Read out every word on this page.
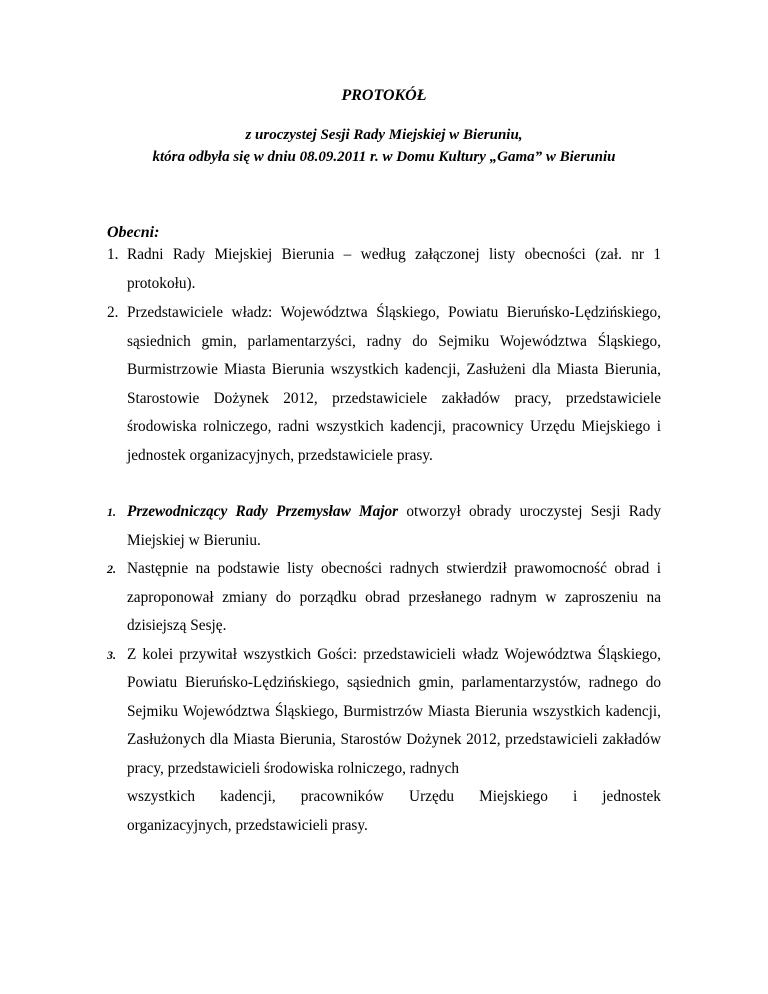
PROTOKÓŁ
z uroczystej Sesji Rady Miejskiej w Bieruniu,
która odbyła się w dniu 08.09.2011 r. w Domu Kultury „Gama” w Bieruniu
Obecni:
1. Radni Rady Miejskiej Bierunia – według załączonej listy obecności (zał. nr 1 protokołu).
2. Przedstawiciele władz: Województwa Śląskiego, Powiatu Bieruńsko-Lędzińskiego, sąsiednich gmin, parlamentarzyści, radny do Sejmiku Województwa Śląskiego, Burmistrzowie Miasta Bierunia wszystkich kadencji, Zasłużeni dla Miasta Bierunia, Starostowie Dożynek 2012, przedstawiciele zakładów pracy, przedstawiciele środowiska rolniczego, radni wszystkich kadencji, pracownicy Urzędu Miejskiego i jednostek organizacyjnych, przedstawiciele prasy.
1. Przewodniczący Rady Przemysław Major otworzył obrady uroczystej Sesji Rady Miejskiej w Bieruniu.
2. Następnie na podstawie listy obecności radnych stwierdził prawomocność obrad i zaproponował zmiany do porządku obrad przesłanego radnym w zaproszeniu na dzisiejszą Sesję.
3. Z kolei przywitał wszystkich Gości: przedstawicieli władz Województwa Śląskiego, Powiatu Bieruńsko-Lędzińskiego, sąsiednich gmin, parlamentarzystów, radnego do Sejmiku Województwa Śląskiego, Burmistrzów Miasta Bierunia wszystkich kadencji, Zasłużonych dla Miasta Bierunia, Starostów Dożynek 2012, przedstawicieli zakładów pracy, przedstawicieli środowiska rolniczego, radnych
wszystkich kadencji, pracowników Urzędu Miejskiego i jednostek
organizacyjnych, przedstawicieli prasy.
